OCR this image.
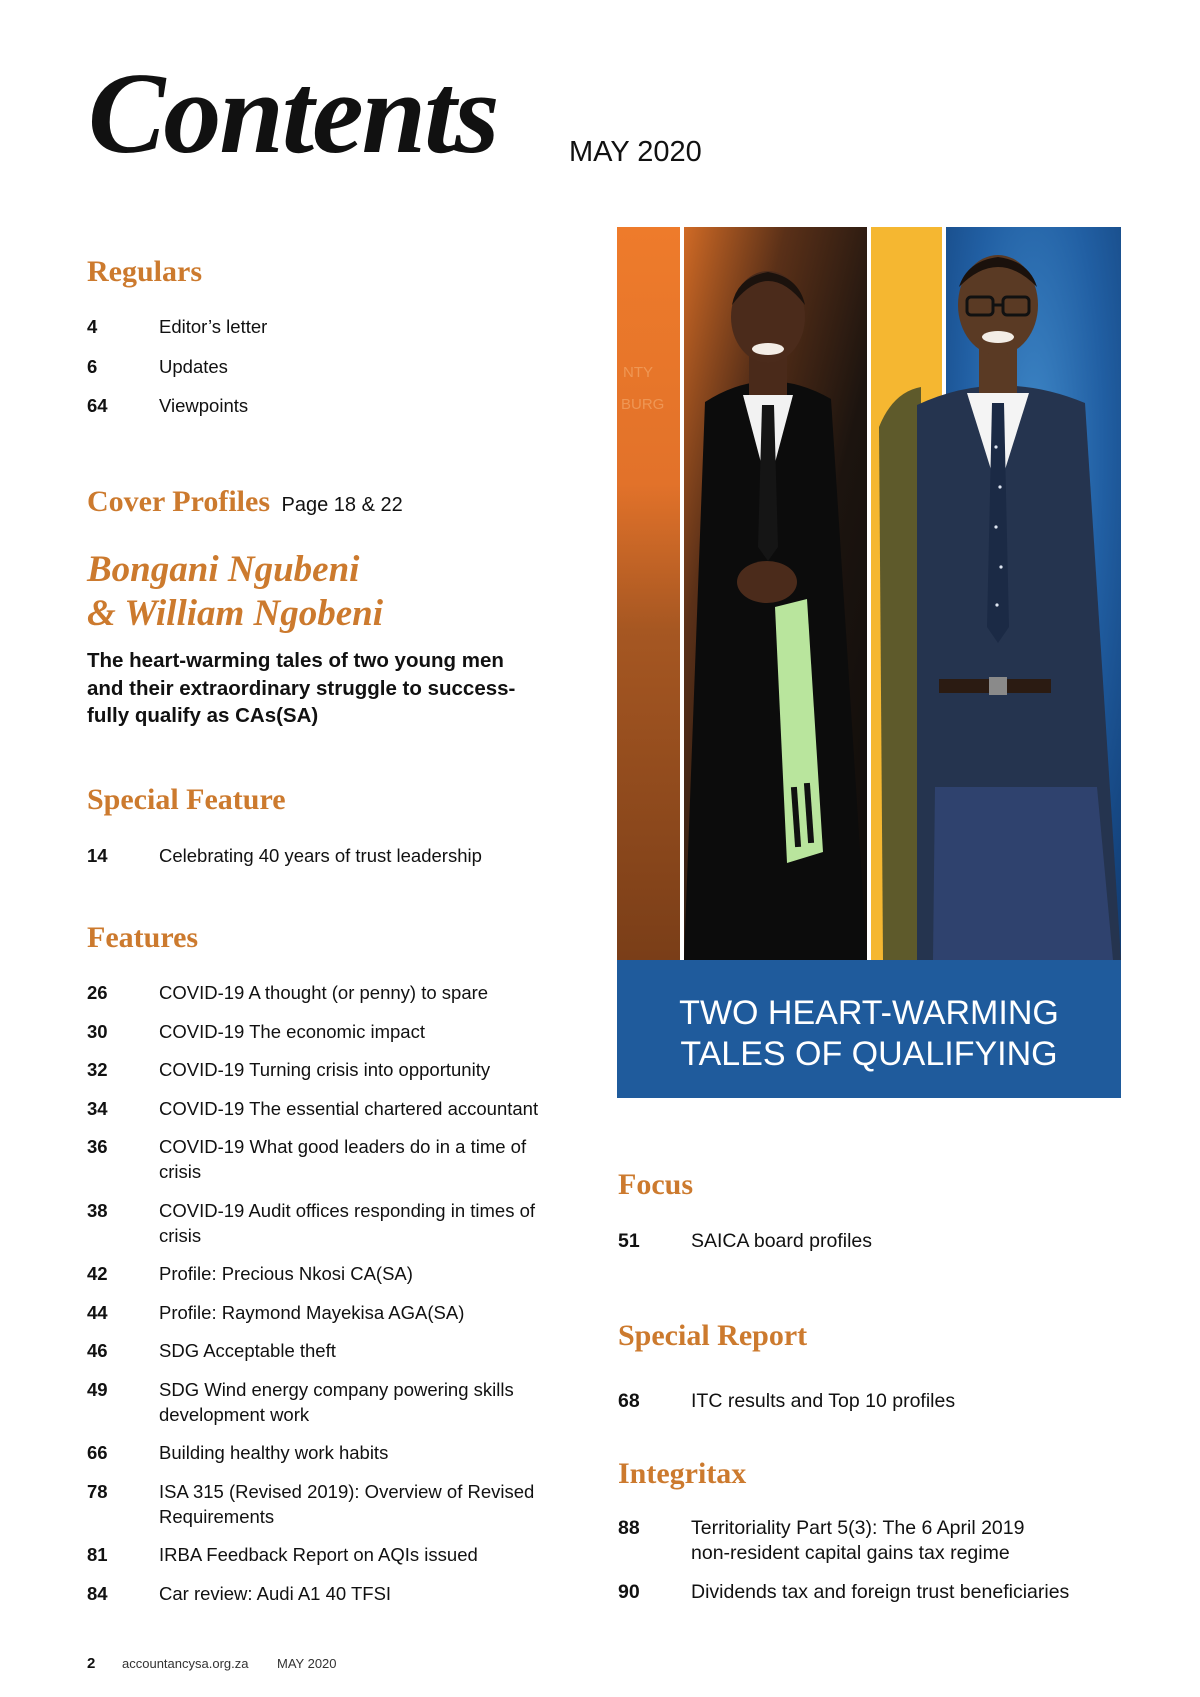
Contents MAY 2020
Regulars
4	Editor’s letter
6	Updates
64	Viewpoints
Cover Profiles Page 18 & 22
Bongani Ngubeni
& William Ngobeni
The heart-warming tales of two young men
and their extraordinary struggle to success-
fully qualify as CAs(SA)
Special Feature
14	Celebrating 40 years of trust leadership
Features
26	COVID-19 A thought (or penny) to spare
30	COVID-19 The economic impact
32	COVID-19 Turning crisis into opportunity
34	COVID-19 The essential chartered accountant
36	COVID-19 What good leaders do in a time of
crisis
38	COVID-19 Audit offices responding in times of
crisis
42	Profile: Precious Nkosi CA(SA)
44	Profile: Raymond Mayekisa AGA(SA)
46	SDG Acceptable theft
49	SDG Wind energy company powering skills
development work
66	Building healthy work habits
78	ISA 315 (Revised 2019): Overview of Revised
Requirements
81	IRBA Feedback Report on AQIs issued
84	Car review: Audi A1 40 TFSI
NTY
BURG
TWO HEART-WARMING
TALES OF QUALIFYING
Focus
51	SAICA board profiles
Special Report
68	ITC results and Top 10 profiles
Integritax
88	Territoriality Part 5(3): The 6 April 2019
non-resident capital gains tax regime
90	Dividends tax and foreign trust beneficiaries
2 accountancysa.org.za MAY 2020
